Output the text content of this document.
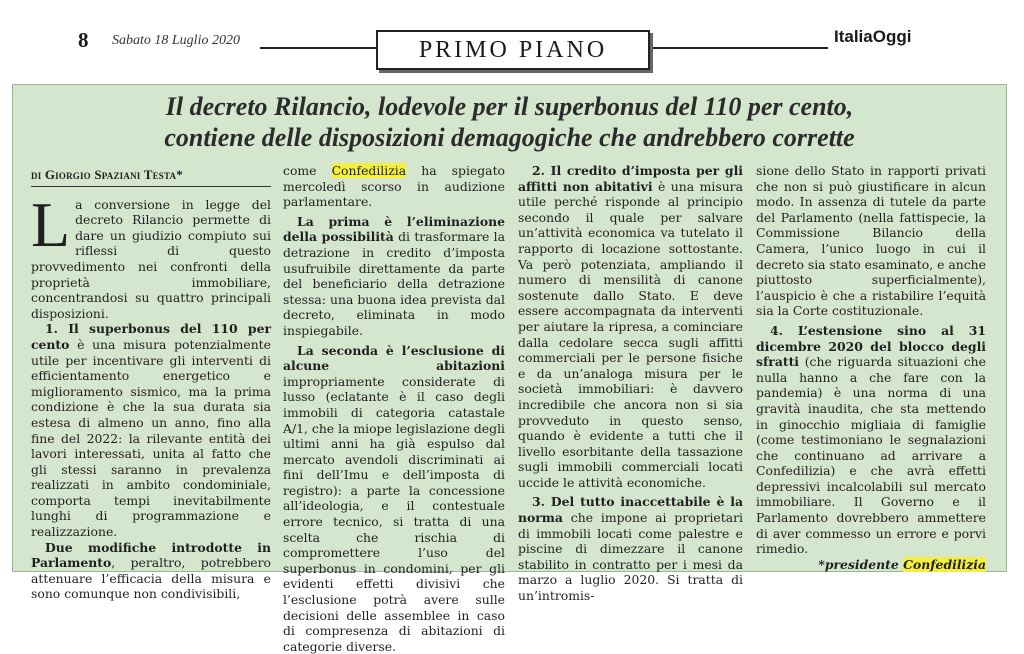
8 Sabato 18 Luglio 2020	PRIMO PIANO	ItaliaOggi
Il decreto Rilancio, lodevole per il superbonus del 110 per cento,
contiene delle disposizioni demagogiche che andrebbero corrette
di Giorgio Spaziani Testa*

La conversione in legge del decreto Rilancio permette di dare un giudizio compiuto sui riflessi di questo provvedimento nei confronti della proprietà immobiliare, concentrandosi su quattro principali disposizioni.

1. Il superbonus del 110 per cento è una misura potenzialmente utile per incentivare gli interventi di efficientamento energetico e miglioramento sismico, ma la prima condizione è che la sua durata sia estesa di almeno un anno, fino alla fine del 2022: la rilevante entità dei lavori interessati, unita al fatto che gli stessi saranno in prevalenza realizzati in ambito condominiale, comporta tempi inevitabilmente lunghi di programmazione e realizzazione.

Due modifiche introdotte in Parlamento, peraltro, potrebbero attenuare l’efficacia della misura e sono comunque non condivisibili,

come Confedilizia ha spiegato mercoledì scorso in audizione parlamentare.

La prima è l’eliminazione della possibilità di trasformare la detrazione in credito d’imposta usufruibile direttamente da parte del beneficiario della detrazione stessa: una buona idea prevista dal decreto, eliminata in modo inspiegabile.

La seconda è l’esclusione di alcune abitazioni impropriamente considerate di lusso (eclatante è il caso degli immobili di categoria catastale A/1, che la miope legislazione degli ultimi anni ha già espulso dal mercato avendoli discriminati ai fini dell’Imu e dell’imposta di registro): a parte la concessione all’ideologia, e il contestuale errore tecnico, si tratta di una scelta che rischia di compromettere l’uso del superbonus in condomini, per gli evidenti effetti divisivi che l’esclusione potrà avere sulle decisioni delle assemblee in caso di compresenza di abitazioni di categorie diverse.

2. Il credito d’imposta per gli affitti non abitativi è una misura utile perché risponde al principio secondo il quale per salvare un’attività economica va tutelato il rapporto di locazione sottostante. Va però potenziata, ampliando il numero di mensilità di canone sostenute dallo Stato. E deve essere accompagnata da interventi per aiutare la ripresa, a cominciare dalla cedolare secca sugli affitti commerciali per le persone fisiche e da un’analoga misura per le società immobiliari: è davvero incredibile che ancora non si sia provveduto in questo senso, quando è evidente a tutti che il livello esorbitante della tassazione sugli immobili commerciali locati uccide le attività economiche.

3. Del tutto inaccettabile è la norma che impone ai proprietari di immobili locati come palestre e piscine di dimezzare il canone stabilito in contratto per i mesi da marzo a luglio 2020. Si tratta di un’intromis-

sione dello Stato in rapporti privati che non si può giustificare in alcun modo. In assenza di tutele da parte del Parlamento (nella fattispecie, la Commissione Bilancio della Camera, l’unico luogo in cui il decreto sia stato esaminato, e anche piuttosto superficialmente), l’auspicio è che a ristabilire l’equità sia la Corte costituzionale.

4. L’estensione sino al 31 dicembre 2020 del blocco degli sfratti (che riguarda situazioni che nulla hanno a che fare con la pandemia) è una norma di una gravità inaudita, che sta mettendo in ginocchio migliaia di famiglie (come testimoniano le segnalazioni che continuano ad arrivare a Confedilizia) e che avrà effetti depressivi incalcolabili sul mercato immobiliare. Il Governo e il Parlamento dovrebbero ammettere di aver commesso un errore e porvi rimedio.

*presidente Confedilizia
